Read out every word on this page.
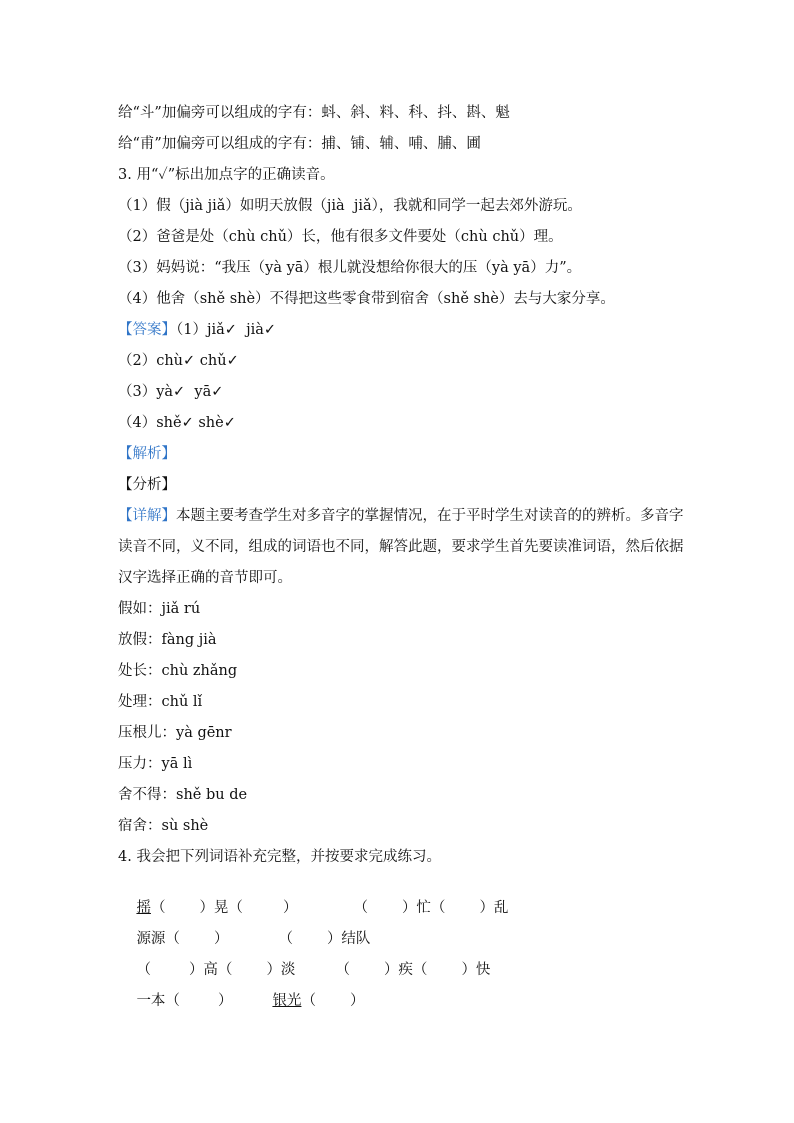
给“斗”加偏旁可以组成的字有：蚪、斜、料、科、抖、斟、魁
给“甫”加偏旁可以组成的字有：捕、铺、辅、哺、脯、圃
3. 用“✓”标出加点字的正确读音。
（1）假（jià jiǎ）如明天放假（jià  jiǎ），我就和同学一起去郊外游玩。
（2）爸爸是处（chù chǔ）长，他有很多文件要处（chù chǔ）理。
（3）妈妈说：“我压（yà yā）根儿就没想给你很大的压（yà yā）力”。
（4）他舍（shě shè）不得把这些零食带到宿舍（shě shè）去与大家分享。
【答案】（1）jiǎ✓  jià✓
（2）chù✓ chǔ✓
（3）yà✓  yā✓
（4）shě✓ shè✓
【解析】
【分析】
【详解】本题主要考查学生对多音字的掌握情况，在于平时学生对读音的的辨析。多音字
读音不同，义不同，组成的词语也不同，解答此题，要求学生首先要读准词语，然后依据
汉字选择正确的音节即可。
假如：jiǎ rú
放假：fàng jià
处长：chù zhǎng
处理：chǔ lǐ
压根儿：yà gēnr
压力：yā lì
舍不得：shě bu de
宿舍：sù shè
4. 我会把下列词语补充完整，并按要求完成练习。

摇（ ）晃（	）	（ ）忙（ ）乱

源源（ ）	（ ）结队

（	）高（ ）淡	（ ）疾（ ）快

一本（	）	银光（ ）
